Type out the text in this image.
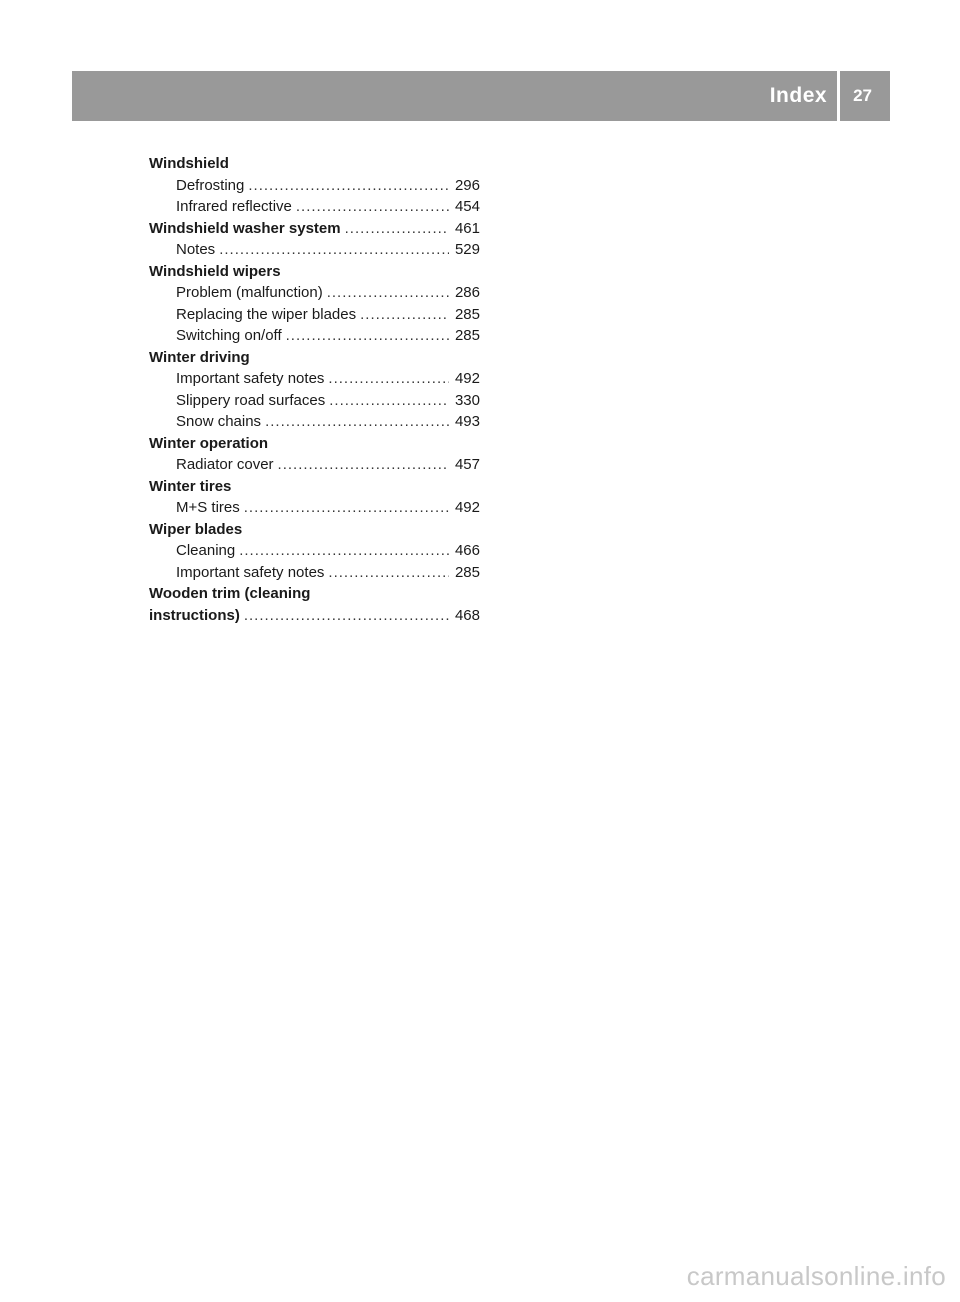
Index	27
Windshield
Defrosting .....	296
Infrared reflective .....	454
Windshield washer system .....	461
Notes .....	529
Windshield wipers
Problem (malfunction) .....	286
Replacing the wiper blades .....	285
Switching on/off .....	285
Winter driving
Important safety notes .....	492
Slippery road surfaces .....	330
Snow chains .....	493
Winter operation
Radiator cover .....	457
Winter tires
M+S tires .....	492
Wiper blades
Cleaning .....	466
Important safety notes .....	285
Wooden trim (cleaning
instructions) .....	468
carmanualsonline.info
